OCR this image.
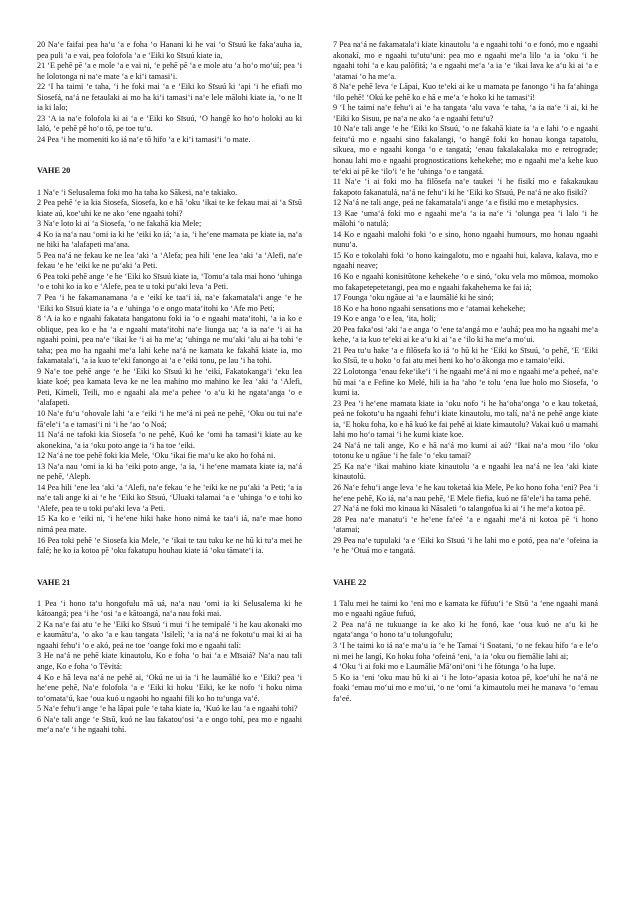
20 Na‘e faifai pea ha‘u ‘a e foha ‘o Hanani ki he vai ‘o Sīsuú ke faka‘auha ia, pea puli ‘a e vai, pea folofola ‘a e ‘Eiki ko Sīsuú kiate ia,

21 ‘E pehē pē ‘a e mole ‘a e vai ni, ‘e pehē pē ‘a e mole atu ‘a ho‘o mo‘uí; pea ‘i he lolotonga ni na‘e mate ‘a e ki‘i tamasi‘i.

22 ‘I ha taimi ‘e taha, ‘i he foki mai ‘a e ‘Eiki ko Sīsuú ki ‘api ‘i he efiafi mo Siosefá, na‘á ne fetaulaki ai mo ha ki‘i tamasi‘i na‘e lele mālohi kiate ia, ‘o ne lī ia ki lalo;

23 ‘A ia na‘e folofola ki ai ‘a e ‘Eiki ko Sīsuú, ‘O hangē ko ho‘o holoki au ki laló, ‘e pehē pē ho‘o tō, pe toe tu‘u.

24 Pea ‘i he momeniti ko iá na‘e tō hifo ‘a e ki‘i tamasi‘i ‘o mate.

VAHE 20

1 Na‘e ‘i Selusalema foki mo ha taha ko Sākesi, na‘e takiako.

2 Pea pehē ‘e ia kia Siosefa, Siosefa, ko e hā ‘oku ‘ikai te ke fekau mai ai ‘a Sīsū kiate aú, koe‘uhi ke ne ako ‘ene ngaahi tohi?

3 Na‘e loto ki ai ‘a Siosefa, ‘o ne fakahā kia Mele;

4 Ko ia na‘a nau ‘omi ia ki he ‘eiki ko iá; ‘a ia, ‘i he‘ene mamata pe kiate ia, na‘a ne hiki ha ‘alafapeti ma‘ana.

5 Pea na‘á ne fekau ke ne lea ‘aki ‘a ‘Alefa; pea hili ‘ene lea ‘aki ‘a ‘Alefi, na‘e fekau ‘e he ‘eiki ke ne pu‘aki ‘a Peti.

6 Pea toki pehē ange ‘e he ‘Eiki ko Sīsuú kiate ia, ‘Tomu‘a tala mai hono ‘uhinga ‘o e tohi ko ia ko e ‘Alefe, pea te u toki pu‘aki leva ‘a Peti.

7 Pea ‘i he fakamanamana ‘a e ‘eikí ke taa‘i iá, na‘e fakamatala‘i ange ‘e he ‘Eiki ko Sīsuú kiate ia ‘a e ‘uhinga ‘o e ongo mata‘itohi ko ‘Afe mo Petí;

8 ‘A ia ko e ngaahi fakatata hangatonu foki ia ‘o e ngaahi mata‘itohi, ‘a ia ko e oblique, pea ko e ha ‘a e ngaahi mata‘itohi na‘e liunga ua; ‘a ia na‘e ‘i ai ha ngaahi poini, pea na‘e ‘ikai ke ‘i ai ha me‘a; ‘uhinga ne mu‘aki ‘alu ai ha tohi ‘e taha; pea mo ha ngaahi me‘a lahi kehe na‘á ne kamata ke fakahā kiate ia, mo fakamatala‘i, ‘a ia kuo te‘eki fanongo ai ‘a e ‘eiki tonu, pe lau ‘i ha tohi.

9 Na‘e toe pehē ange ‘e he ‘Eiki ko Sīsuú ki he ‘eikí, Fakatokanga‘i ‘eku lea kiate koé; pea kamata leva ke ne lea mahino mo mahino ke lea ‘aki ‘a ‘Alefi, Peti, Kimeli, Teili, mo e ngaahi ala me‘a pehee ‘o a‘u ki he ngata‘anga ‘o e ‘alafapeti.

10 Na‘e fu‘u ‘ohovale lahi ‘a e ‘eiki ‘i he me‘á ni peá ne pehē, ‘Oku ou tui na‘e fā‘ele‘i ‘a e tamasi‘i ni ‘i he ‘ao ‘o Noá;

11 Na‘á ne tafoki kia Siosefa ‘o ne pehē, Kuó ke ‘omi ha tamasi‘i kiate au ke akonekina, ‘a ia ‘oku poto ange ia ‘i ha toe ‘eiki.

12 Na‘á ne toe pehē foki kia Mele, ‘Oku ‘ikai fie ma‘u ke ako ho fohá ni.

13 Na‘a nau ‘omi ia ki ha ‘eiki poto ange, ‘a ia, ‘i he‘ene mamata kiate ia, na‘á ne pehē, ‘Aleph.

14 Pea hili ‘ene lea ‘aki ‘a ‘Alefi, na‘e fekau ‘e he ‘eiki ke ne pu‘aki ‘a Peti; ‘a ia na‘e tali ange ki ai ‘e he ‘Eiki ko Sīsuú, ‘Uluaki talamai ‘a e ‘uhinga ‘o e tohi ko ‘Alefe, pea te u toki pu‘aki leva ‘a Peti.

15 Ka ko e ‘eiki ni, ‘i he‘ene hiki hake hono nimá ke taa‘i iá, na‘e mae hono nimá pea mate.

16 Pea toki pehē ‘e Siosefa kia Mele, ‘e ‘ikai te tau tuku ke ne hū ki tu‘a mei he falé; he ko ia kotoa pē ‘oku fakatupu houhau kiate iá ‘oku tāmate‘i ia.

VAHE 21

1 Pea ‘i hono ta‘u hongofulu mā uá, na‘a nau ‘omi ia ki Selusalema ki he kātoangá; pea ‘i he ‘osi ‘a e kātoangá, na‘a nau foki mai.

2 Ka na‘e fai atu ‘e he ‘Eiki ko Sīsuú ‘i mui ‘i he temipalé ‘i he kau akonaki mo e kaumātu‘a, ‘o ako ‘a e kau tangata ‘Isilelí; ‘a ia na‘á ne fokotu‘u mai ki ai ha ngaahi fehu‘i ‘o e akó, peá ne toe ‘oange foki mo e ngaahi talí:

3 He na‘á ne pehē kiate kinautolu, Ko e foha ‘o hai ‘a e Mīsaiá? Na‘a nau tali ange, Ko e foha ‘o Tēvitá:

4 Ko e hā leva na‘á ne pehē ai, ‘Okú ne ui ia ‘i he laumālié ko e ‘Eiki? pea ‘i he‘ene pehē, Na‘e folofola ‘a e ‘Eiki ki hoku ‘Eiki, ke ke nofo ‘i hoku nima to‘omata‘ú, kae ‘oua kuó u ngaohi ho ngaahi fili ko ho tu‘unga va‘é.

5 Na‘e fehu‘i ange ‘e ha lāpai pule ‘e taha kiate ia, ‘Kuó ke lau ‘a e ngaahi tohi?

6 Na‘e tali ange ‘e Sīsū, kuó ne lau fakatou‘osi ‘a e ongo tohí, pea mo e ngaahi me‘a na‘e ‘i he ngaahi tohí.

7 Pea na‘á ne fakamatala‘i kiate kinautolu ‘a e ngaahi tohi ‘o e fonó, mo e ngaahi akonakí, mo e ngaahi tu‘utu‘uni: pea mo e ngaahi me‘a lilo ‘a ia ‘oku ‘i he ngaahi tohi ‘a e kau palōfitá; ‘a e ngaahi me‘a ‘a ia ‘e ‘ikai lava ke a‘u ki ai ‘a e ‘atamai ‘o ha me‘a.

8 Na‘e pehē leva ‘e Lāpai, Kuo te‘eki ai ke u mamata pe fanongo ‘i ha fa‘ahinga ‘ilo pehē! ‘Okú ke pehē ko e hā e me‘a ‘e hoko ki he tamasi‘í!

9 ‘I he taimi na‘e fehu‘i ai ‘e ha tangata ‘alu vava ‘e taha, ‘a ia na‘e ‘i ai, ki he ‘Eiki ko Sisuu, pe na‘a ne ako ‘a e ngaahi fetu‘u?

10 Na‘e tali ange ‘e he ‘Eiki ko Sīsuú, ‘o ne fakahā kiate ia ‘a e lahi ‘o e ngaahi feitu‘ú mo e ngaahi sino fakalangi, ‘o hangē foki ko honau konga tapatolu, sikuea, mo e ngaahi konga ‘o e tangatá; ‘enau fakalakalaka mo e retrograde; honau lahi mo e ngaahi prognostications kehekehe; mo e ngaahi me‘a kehe kuo te‘eki ai pē ke ‘ilo‘i ‘e he ‘uhinga ‘o e tangatá.

11 Na‘e ‘i ai foki mo ha filōsefa na‘e taukei ‘i he fisikí mo e fakakaukau fakapoto fakanatulá, na‘á ne fehu‘i ki he ‘Eiki ko Sīsuú, Pe na‘á ne ako fisikí?

12 Na‘á ne tali ange, peá ne fakamatala‘i ange ‘a e fisikí mo e metaphysics.

13 Kae ‘uma‘á foki mo e ngaahi me‘a ‘a ia na‘e ‘i ‘olunga pea ‘i lalo ‘i he mālohi ‘o natulá;

14 Ko e ngaahi malohi foki ‘o e sino, hono ngaahi humours, mo honau ngaahi nunu‘a.

15 Ko e tokolahi foki ‘o hono kaingalotu, mo e ngaahi hui, kalava, kalava, mo e ngaahi neave;

16 Ko e ngaahi konisitūtone kehekehe ‘o e sinó, ‘oku vela mo mōmoa, momoko mo fakapetepetetangi, pea mo e ngaahi fakahehema ke fai iá;

17 Founga ‘oku ngāue ai ‘a e laumālié ki he sinó;

18 Ko e ha hono ngaahi sensations mo e ‘atamai kehekehe;

19 Ko e anga ‘o e lea, ‘ita, holi;

20 Pea faka‘osi ‘aki ‘a e anga ‘o ‘ene ta‘angá mo e ‘auhá; pea mo ha ngaahi me‘a kehe, ‘a ia kuo te‘eki ai ke a‘u ki ai ‘a e ‘ilo ki ha me‘a mo‘ui.

21 Pea tu‘u hake ‘a e filōsefa ko iá ‘o hū ki he ‘Eiki ko Sīsuú, ‘o pehē, ‘E ‘Eiki ko Sīsū, te u hoko ‘o fai atu mei heni ko ho‘o ākonga mo e tamaio‘eiki.

22 Lolotonga ‘enau feke‘ike‘i ‘i he ngaahi me‘á ni mo e ngaahi me‘a peheé, na‘e hū mai ‘a e Fefine ko Melé, hili ia ha ‘aho ‘e tolu ‘ena lue holo mo Siosefa, ‘o kumi ia.

23 Pea ‘i he‘ene mamata kiate ia ‘oku nofo ‘i he ha‘oha‘onga ‘o e kau toketaá, peá ne fokotu‘u ha ngaahi fehu‘i kiate kinautolu, mo talí, na‘á ne pehē ange kiate ia, ‘E hoku foha, ko e hā kuó ke fai pehē ai kiate kimautolu? Vakai kuó u mamahi lahi mo ho‘o tamai ‘i he kumi kiate koe.

24 Na‘á ne tali ange, Ko e hā na‘á mo kumi ai aú? ‘Ikai na‘a mou ‘ilo ‘oku totonu ke u ngāue ‘i he fale ‘o ‘eku tamai?

25 Ka na‘e ‘ikai mahino kiate kinautolu ‘a e ngaahi lea na‘á ne lea ‘aki kiate kinautolú.

26 Na‘e fehu‘i ange leva ‘e he kau toketaá kia Mele, Pe ko hono foha ‘eni? Pea ‘i he‘ene pehē, Ko iá, na‘a nau pehē, ‘E Mele fiefia, kuó ne fā‘ele‘i ha tama pehē.

27 Na‘á ne foki mo kinaua ki Nāsaleti ‘o talangofua ki ai ‘i he me‘a kotoa pē.

28 Pea na‘e manatu‘i ‘e he‘ene fa‘eé ‘a e ngaahi me‘á ni kotoa pē ‘i hono ‘atamai;

29 Pea na‘e tupulaki ‘a e ‘Eiki ko Sīsuú ‘i he lahi mo e potó, pea na‘e ‘ofeina ia ‘e he ‘Otuá mo e tangatá.

VAHE 22

1 Talu mei he taimi ko ‘ení mo e kamata ke fūfuu‘i ‘e Sīsū ‘a ‘ene ngaahi maná mo e ngaahi ngāue fufuú,

2 Pea na‘á ne tukuange ia ke ako ki he fonó, kae ‘oua kuó ne a‘u ki he ngata‘anga ‘o hono ta‘u tolungofulu;

3 ‘I he taimi ko iá na‘e ma‘u ia ‘e he Tamai ‘i Soatani, ‘o ne fekau hifo ‘a e le‘o ni mei he langí, Ko hoku foha ‘ofeiná ‘eni, ‘a ia ‘oku ou fiemālie lahi ai;

4 ‘Oku ‘i ai foki mo e Laumālie Mā‘oni‘oni ‘i he fōtunga ‘o ha lupe.

5 Ko ia ‘eni ‘oku mau hū ki ai ‘i he loto-‘apasia kotoa pē, koe‘uhí he na‘á ne foaki ‘emau mo‘ui mo e mo‘ui, ‘o ne ‘omi ‘a kimautolu mei he manava ‘o ‘emau fa‘eé.
